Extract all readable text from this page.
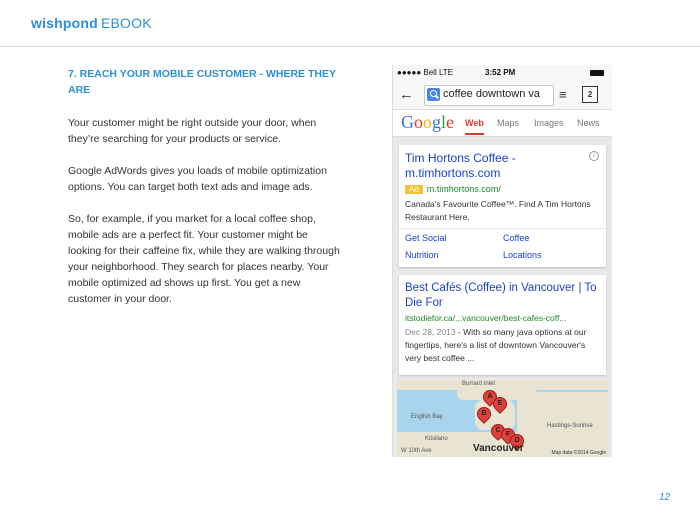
wishpond EBOOK
7. REACH YOUR MOBILE CUSTOMER - WHERE THEY ARE

Your customer might be right outside your door, when they’re searching for your products or service.

Google AdWords gives you loads of mobile optimization options. You can target both text ads and image ads.

So, for example, if you market for a local coffee shop, mobile ads are a perfect fit. Your customer might be looking for their caffeine fix, while they are walking through your neighborhood. They search for places nearby. Your mobile optimized ad shows up first. You get a new customer in your door.

●●●●● Bell LTE	3:52 PM
←	coffee downtown va	≡	2
Google Web Maps Images News
Tim Hortons Coffee - m.timhortons.com
i
Ad m.timhortons.com/
Canada's Favourite Coffee™. Find A Tim Hortons Restaurant Here.
Get Social	Coffee
Nutrition	Locations
Best Cafés (Coffee) in Vancouver | To Die For
itstodiefor.ca/...vancouver/best-cafes-coff...
Dec 28, 2013 - With so many java options at our fingertips, here's a list of downtown Vancouver's very best coffee ...
Burrard Inlet
English Bay
Hastings-Sunrise
Kitsilano
W 10th Ave
A
E
B
C
F
D
Vancouver	Map data ©2014 Google
12
